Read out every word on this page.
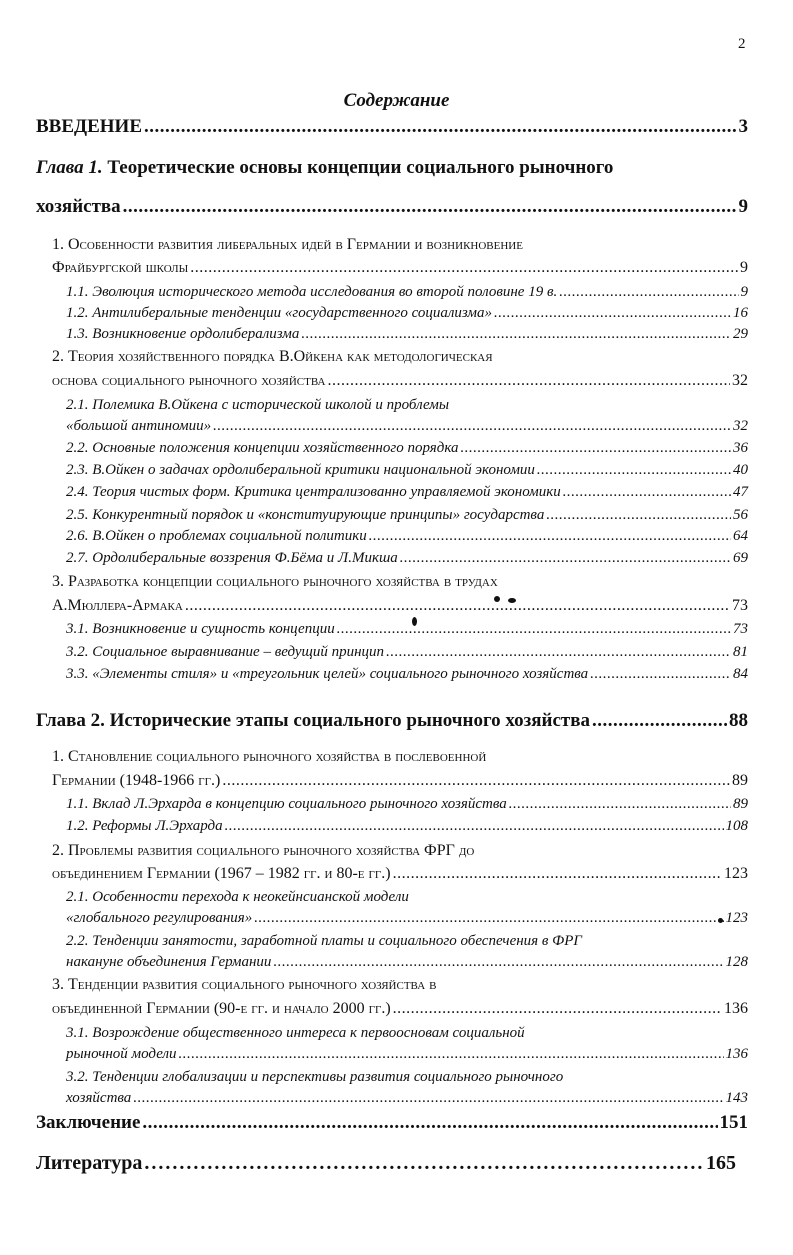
2
Содержание
ВВЕДЕНИЕ .....	3
Глава 1. Теоретические основы концепции социального рыночного
хозяйства .....	9
1. Особенности развития либеральных идей в Германии и возникновение
Фрайбургской школы .....	9
1.1. Эволюция исторического метода исследования во второй половине 19 в. .....	9
1.2. Антилиберальные тенденции «государственного социализма» .....	16
1.3. Возникновение ордолиберализма .....	29
2. Теория хозяйственного порядка В.Ойкена как методологическая
основа социального рыночного хозяйства .....	32
2.1. Полемика В.Ойкена с исторической школой и проблемы
«большой антиномии» .....	32
2.2. Основные положения концепции хозяйственного порядка .....	36
2.3. В.Ойкен о задачах ордолиберальной критики национальной экономии .....	40
2.4. Теория чистых форм. Критика централизованно управляемой экономики .....	47
2.5. Конкурентный порядок и «конституирующие принципы» государства .....	56
2.6. В.Ойкен о проблемах социальной политики .....	64
2.7. Ордолиберальные воззрения Ф.Бёма и Л.Микша .....	69
3. Разработка концепции социального рыночного хозяйства в трудах
А.Мюллера-Армака .....	73
3.1. Возникновение и сущность концепции .....	73
3.2. Социальное выравнивание – ведущий принцип .....	81
3.3. «Элементы стиля» и «треугольник целей» социального рыночного хозяйства .....	84
Глава 2. Исторические этапы социального рыночного хозяйства .....	88
1. Становление социального рыночного хозяйства в послевоенной
Германии (1948-1966 гг.) .....	89
1.1. Вклад Л.Эрхарда в концепцию социального рыночного хозяйства .....	89
1.2. Реформы Л.Эрхарда .....	108
2. Проблемы развития социального рыночного хозяйства ФРГ до
объединением Германии (1967 – 1982 гг. и 80-е гг.) .....	123
2.1. Особенности перехода к неокейнсианской модели
«глобального регулирования» .....	123
2.2. Тенденции занятости, заработной платы и социального обеспечения в ФРГ
накануне объединения Германии .....	128
3. Тенденции развития социального рыночного хозяйства в
объединенной Германии (90-е гг. и начало 2000 гг.) .....	136
3.1. Возрождение общественного интереса к первоосновам социальной
рыночной модели .....	136
3.2. Тенденции глобализации и перспективы развития социального рыночного
хозяйства .....	143
Заключение .....	151
Литература .....	165
